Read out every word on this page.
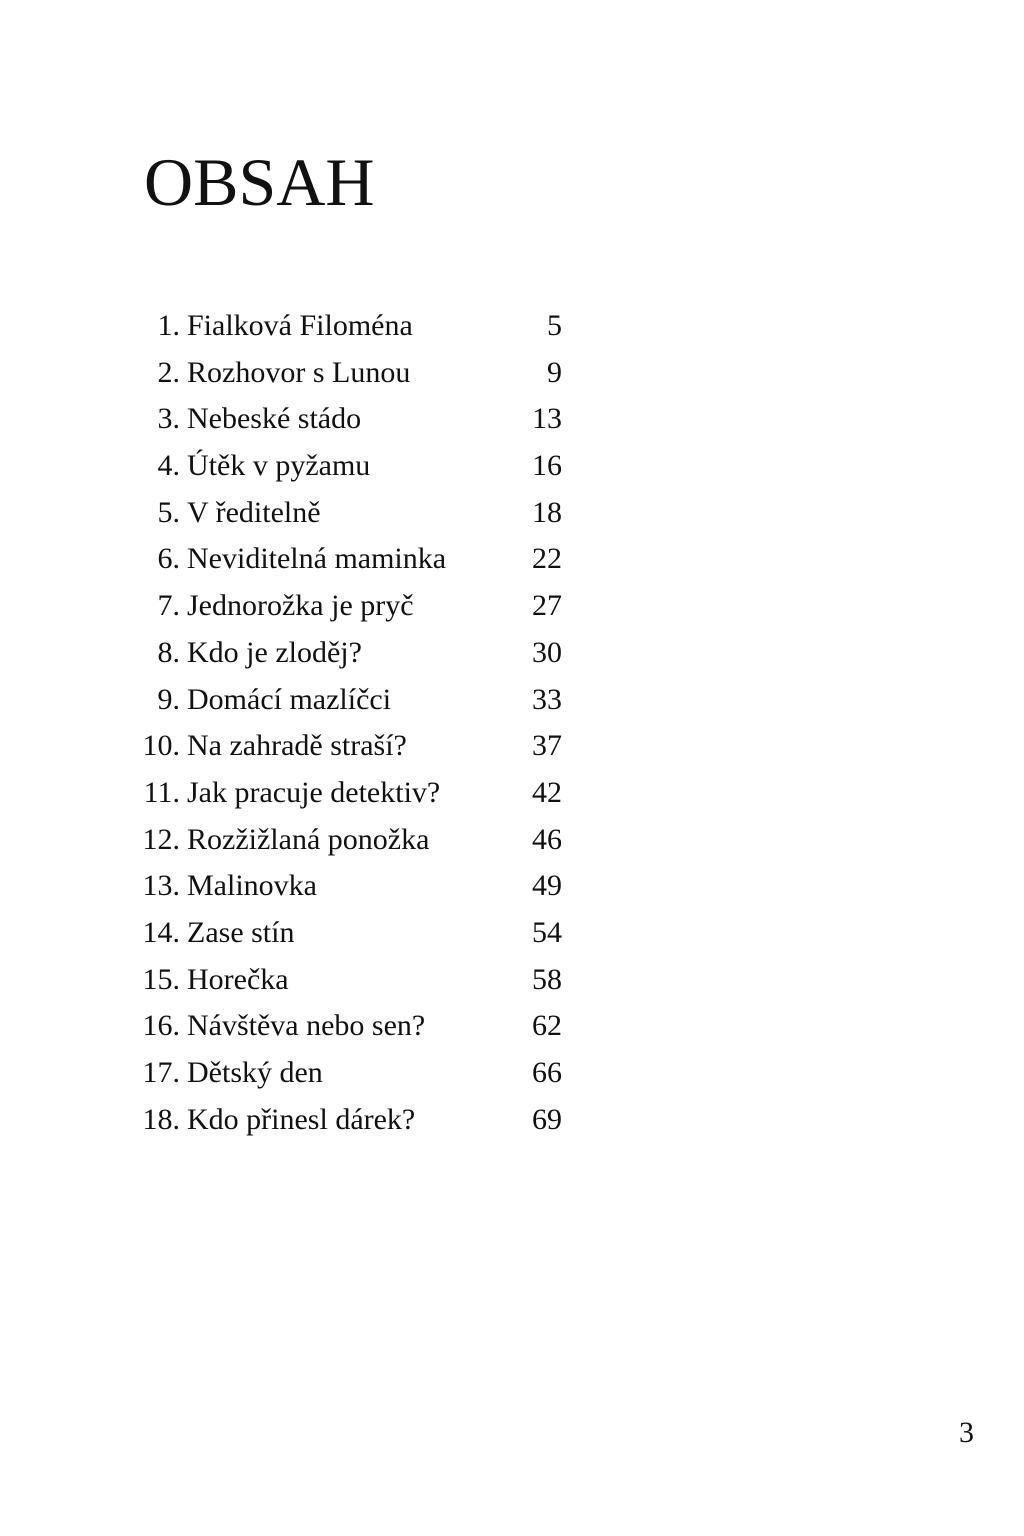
OBSAH
1. Fialková Filoména	5
2. Rozhovor s Lunou	9
3. Nebeské stádo	13
4. Útěk v pyžamu	16
5. V ředitelně	18
6. Neviditelná maminka	22
7. Jednorožka je pryč	27
8. Kdo je zloděj?	30
9. Domácí mazlíčci	33
10. Na zahradě straší?	37
11. Jak pracuje detektiv?	42
12. Rozžižlaná ponožka	46
13. Malinovka	49
14. Zase stín	54
15. Horečka	58
16. Návštěva nebo sen?	62
17. Dětský den	66
18. Kdo přinesl dárek?	69
3
